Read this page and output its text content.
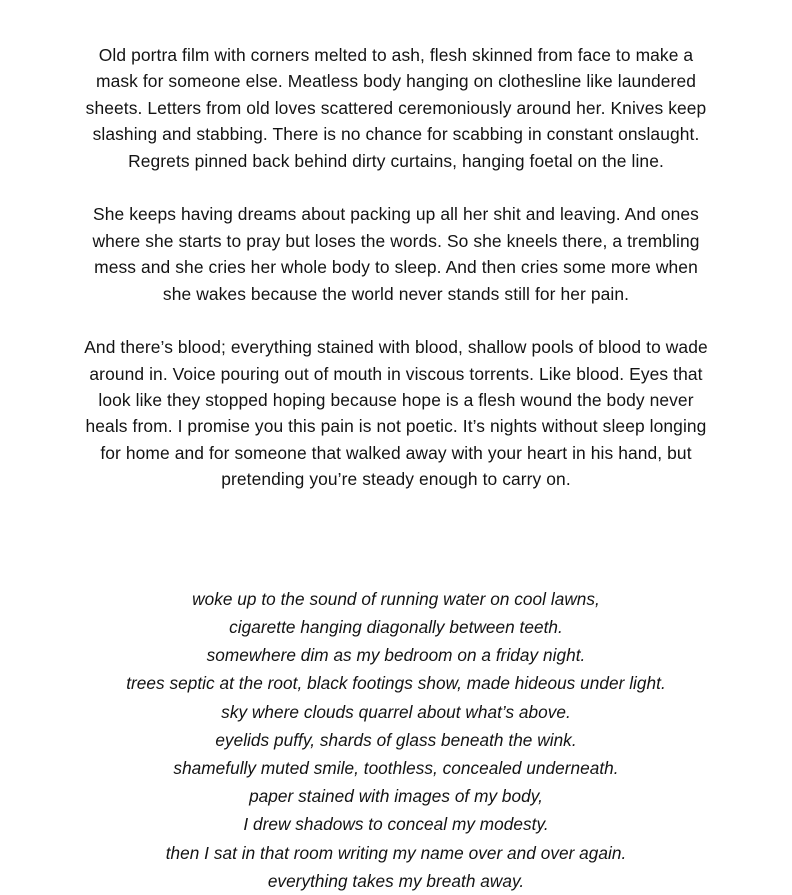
Old portra film with corners melted to ash, flesh skinned from face to make a mask for someone else. Meatless body hanging on clothesline like laundered sheets. Letters from old loves scattered ceremoniously around her. Knives keep slashing and stabbing. There is no chance for scabbing in constant onslaught. Regrets pinned back behind dirty curtains, hanging foetal on the line.

She keeps having dreams about packing up all her shit and leaving. And ones where she starts to pray but loses the words. So she kneels there, a trembling mess and she cries her whole body to sleep. And then cries some more when she wakes because the world never stands still for her pain.

And there’s blood; everything stained with blood, shallow pools of blood to wade around in. Voice pouring out of mouth in viscous torrents. Like blood. Eyes that look like they stopped hoping because hope is a flesh wound the body never heals from. I promise you this pain is not poetic. It’s nights without sleep longing for home and for someone that walked away with your heart in his hand, but pretending you’re steady enough to carry on.

woke up to the sound of running water on cool lawns,
cigarette hanging diagonally between teeth.
somewhere dim as my bedroom on a friday night.
trees septic at the root, black footings show, made hideous under light.
sky where clouds quarrel about what’s above.
eyelids puffy, shards of glass beneath the wink.
shamefully muted smile, toothless, concealed underneath.
paper stained with images of my body,
I drew shadows to conceal my modesty.
then I sat in that room writing my name over and over again.
everything takes my breath away.
